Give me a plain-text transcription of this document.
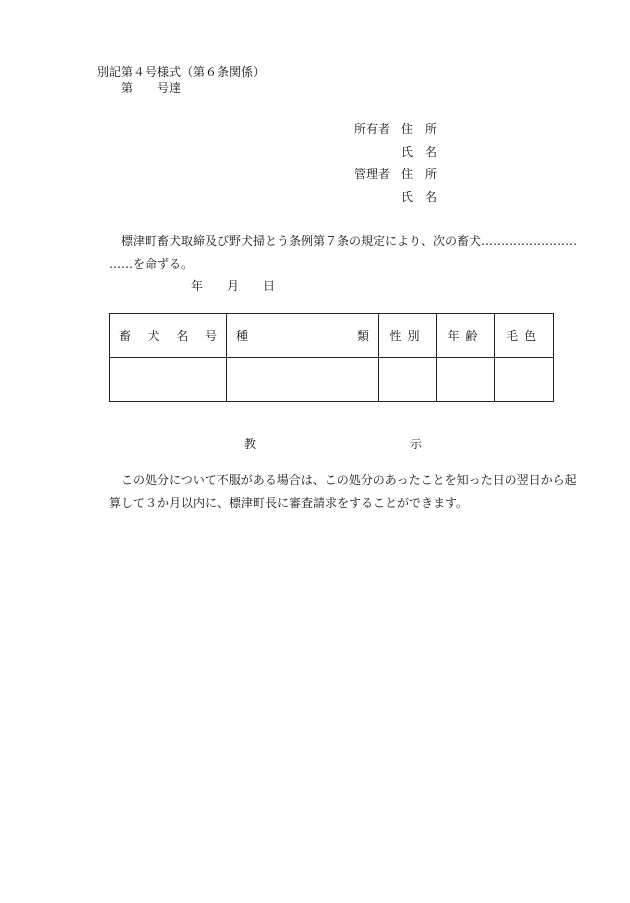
別記第４号様式（第６条関係）
第 号達
所有者 住　所
氏　名
管理者 住　所
氏　名
標津町畜犬取締及び野犬掃とう条例第７条の規定により、次の畜犬……………………
……を命ずる。
年 月 日
畜 犬 名 号	種 類	性別	年齢	毛色

教	示
この処分について不服がある場合は、この処分のあったことを知った日の翌日から起
算して３か月以内に、標津町長に審査請求をすることができます。
